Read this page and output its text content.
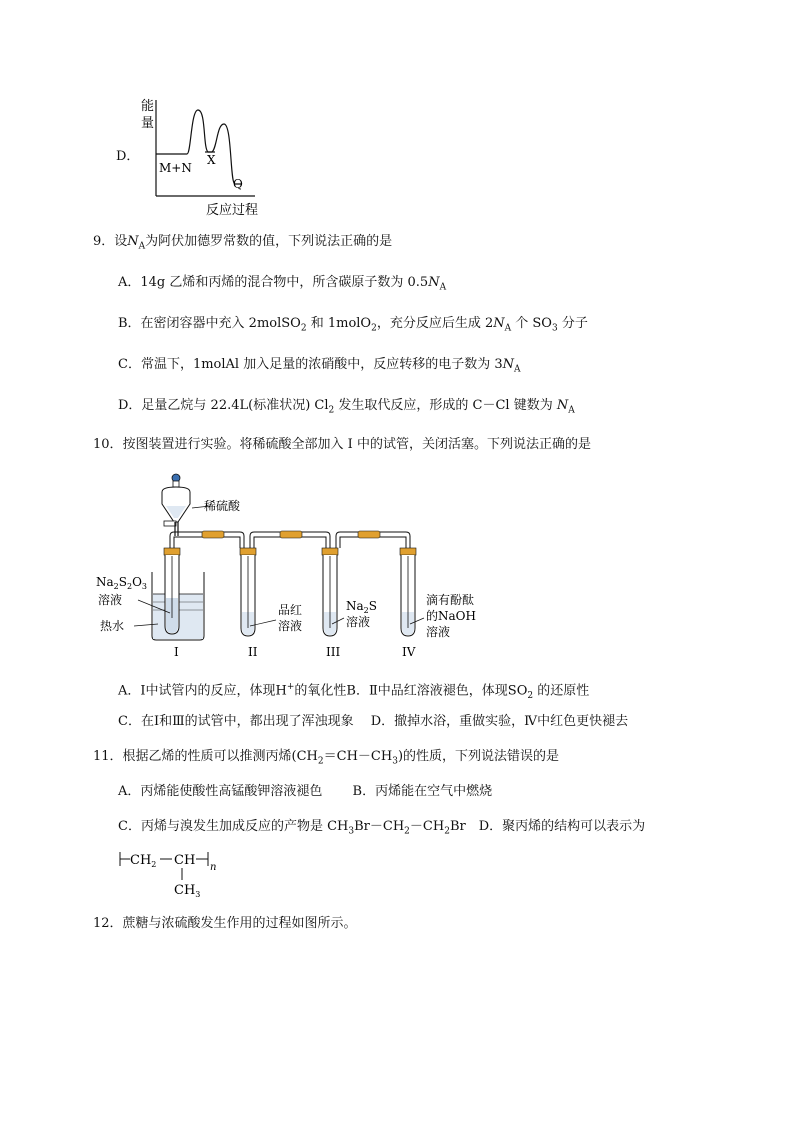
D．
能
量
M+N
X
Q
反应过程
9．设$N_A$为阿伏加德罗常数的值，下列说法正确的是
A．14g 乙烯和丙烯的混合物中，所含碳原子数为 $0.5N_A$
B．在密闭容器中充入 2molSO$_2$ 和 1molO$_2$，充分反应后生成 $2N_A$ 个 $SO_3$ 分子
C．常温下，1molAl 加入足量的浓硝酸中，反应转移的电子数为 $3N_A$
D．足量乙烷与 22.4L(标准状况) $Cl_2$ 发生取代反应，形成的 C－Cl 键数为 $N_A$
10．按图装置进行实验。将稀硫酸全部加入 I 中的试管，关闭活塞。下列说法正确的是
稀硫酸
$Na_2S_2O_3$
溶液
热水
品红
溶液
$Na_2S$
溶液
滴有酚酞
的NaOH
溶液
I	II	III	IV
A．Ⅰ中试管内的反应，体现H+的氧化性B．Ⅱ中品红溶液褪色，体现$SO_2$ 的还原性
C．在Ⅰ和Ⅲ的试管中，都出现了浑浊现象　 D．撤掉水浴，重做实验，Ⅳ中红色更快褪去
11．根据乙烯的性质可以推测丙烯$(CH_2=CH-CH_3)$的性质，下列说法错误的是
A．丙烯能使酸性高锰酸钾溶液褪色　　 B．丙烯能在空气中燃烧
C．丙烯与溴发生加成反应的产物是 $CH_3Br-CH_2-CH_2Br$　D．聚丙烯的结构可以表示为
$CH_2$ CH n
$CH_3$
12．蔗糖与浓硫酸发生作用的过程如图所示。
